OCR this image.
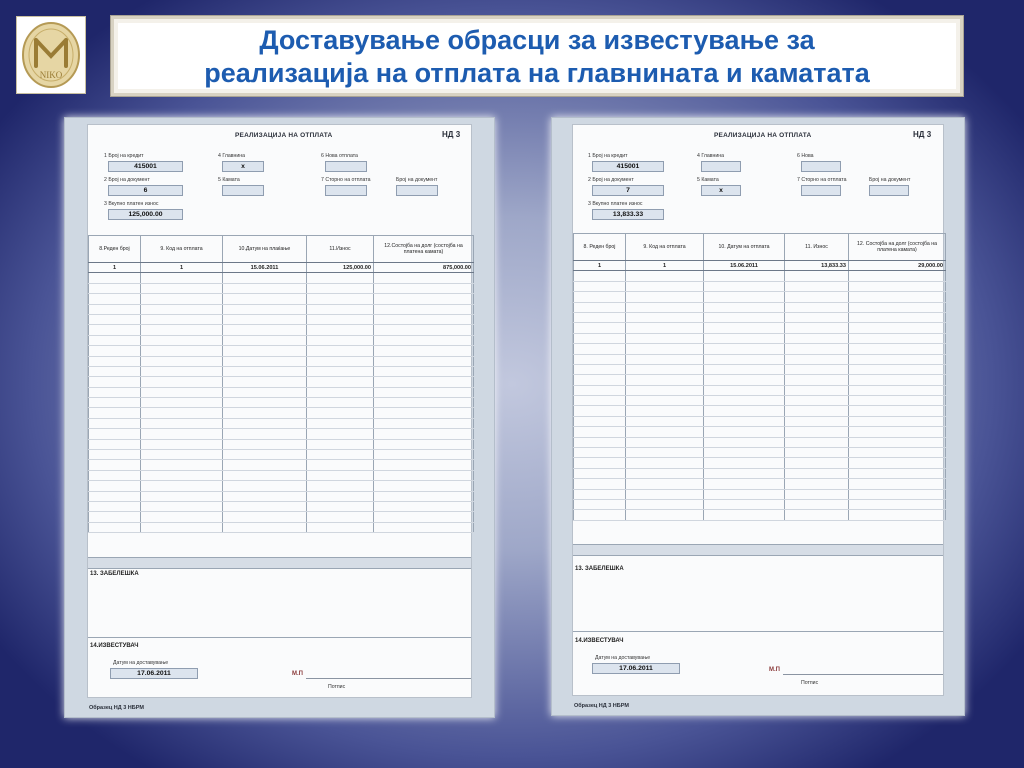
NIKO
Доставување обрасци за известување за
реализација на отплата на главнината и каматата
РЕАЛИЗАЦИЈА НА ОТПЛАТА	НД 3
1 Број на кредит
415001
2 Број на документ
6
3 Вкупно платен износ
125,000.00
4 Главнина
x
5 Камата
6 Нова отплата
7 Сторно на отплата	Број на документ
8.Реден број	9. Код на отплата	10.Датум на плаќање	11.Износ	12.Состојба на долг (состојба на платена камата)
1	1	15.06.2011	125,000.00	875,000.00

13. ЗАБЕЛЕШКА
14.ИЗВЕСТУВАЧ
Датум на доставување
17.06.2011	М.П
Потпис
Образец НД 3 НБРМ
РЕАЛИЗАЦИЈА НА ОТПЛАТА	НД 3
1 Број на кредит
415001
2 Број на документ
7
3 Вкупно платен износ
13,833.33
4 Главнина
5 Камата
x
6 Нова
7 Сторно на отплата	Број на документ
8. Реден број	9. Код на отплата	10. Датум на отплата	11. Износ	12. Состојба на долг (состојба на платена камата)
1	1	15.06.2011	13,833.33	29,000.00

13. ЗАБЕЛЕШКА
14.ИЗВЕСТУВАЧ
Датум на доставување
17.06.2011	М.П
Потпис
Образец НД 3 НБРМ
